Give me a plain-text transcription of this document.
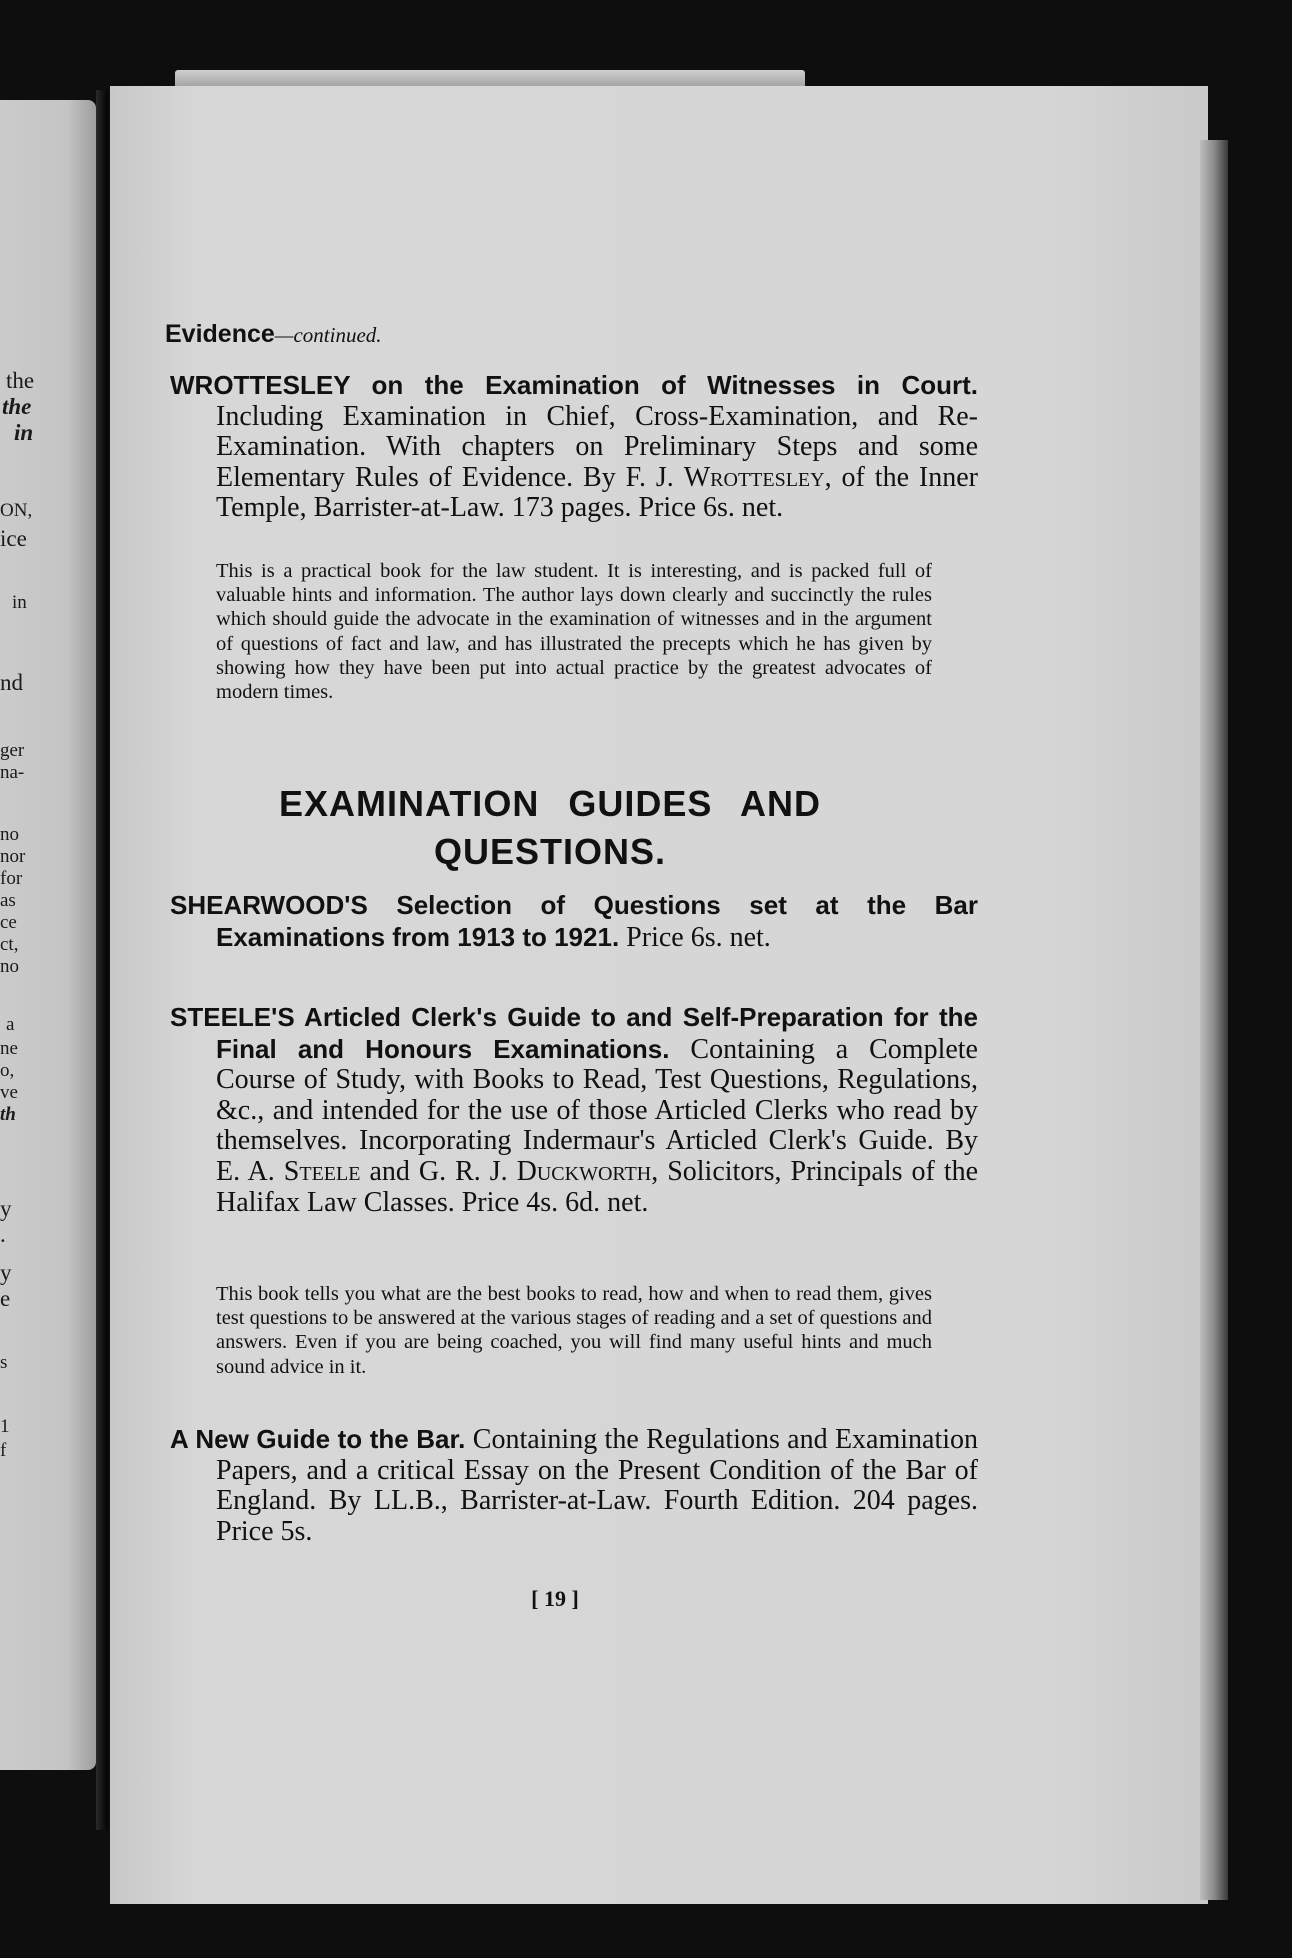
the
the
in
ON,
ice
in
nd
ger
na-
no
nor
for
as
ce
ct,
no
a
ne
o,
ve
th
y
.
y
e
s
1
f
Evidence—continued.
WROTTESLEY on the Examination of Witnesses in Court. Including Examination in Chief, Cross-Examination, and Re-Examination. With chapters on Preliminary Steps and some Elementary Rules of Evidence. By F. J. Wrottesley, of the Inner Temple, Barrister-at-Law. 173 pages. Price 6s. net.
This is a practical book for the law student. It is interesting, and is packed full of valuable hints and information. The author lays down clearly and succinctly the rules which should guide the advocate in the examination of witnesses and in the argument of questions of fact and law, and has illustrated the precepts which he has given by showing how they have been put into actual practice by the greatest advocates of modern times.
EXAMINATION GUIDES AND
QUESTIONS.
SHEARWOOD'S Selection of Questions set at the Bar Examinations from 1913 to 1921. Price 6s. net.
STEELE'S Articled Clerk's Guide to and Self-Preparation for the Final and Honours Examinations. Containing a Complete Course of Study, with Books to Read, Test Questions, Regulations, &c., and intended for the use of those Articled Clerks who read by themselves. Incorporating Indermaur's Articled Clerk's Guide. By E. A. Steele and G. R. J. Duckworth, Solicitors, Principals of the Halifax Law Classes. Price 4s. 6d. net.
This book tells you what are the best books to read, how and when to read them, gives test questions to be answered at the various stages of reading and a set of questions and answers. Even if you are being coached, you will find many useful hints and much sound advice in it.
A New Guide to the Bar. Containing the Regulations and Examination Papers, and a critical Essay on the Present Condition of the Bar of England. By LL.B., Barrister-at-Law. Fourth Edition. 204 pages. Price 5s.
[ 19 ]
